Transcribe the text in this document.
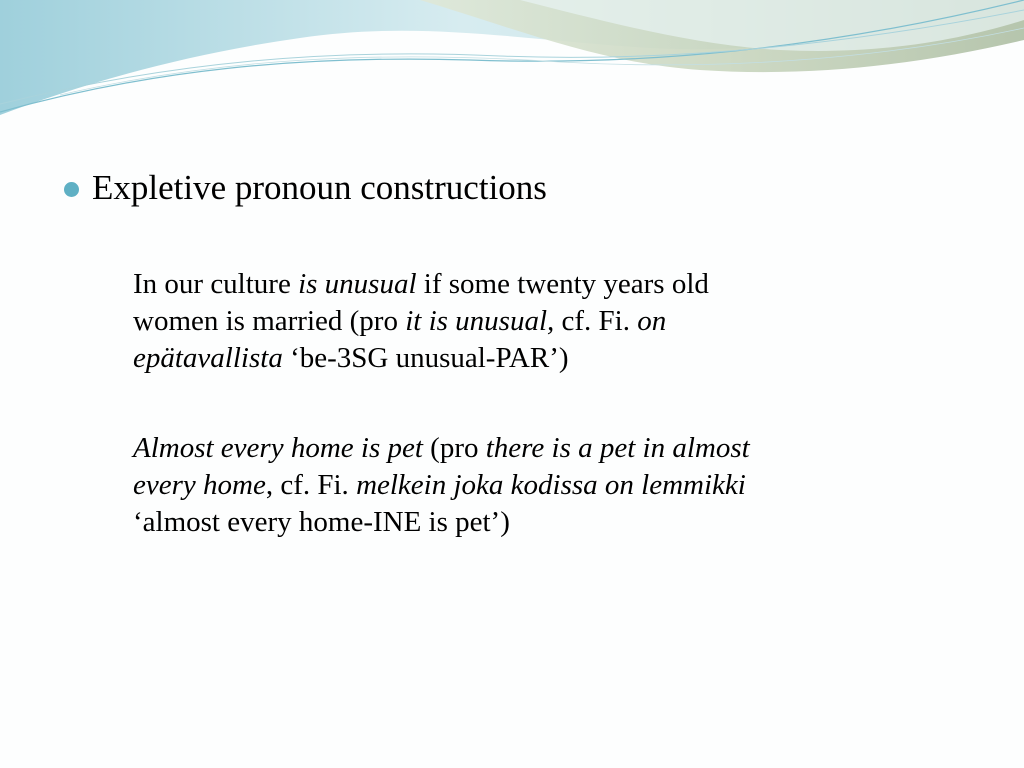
Expletive pronoun constructions
In our culture is unusual if some twenty years old
women is married (pro it is unusual, cf. Fi. on
epätavallista ‘be-3SG unusual-PAR’)
Almost every home is pet (pro there is a pet in almost
every home, cf. Fi. melkein joka kodissa on lemmikki
‘almost every home-INE is pet’)
